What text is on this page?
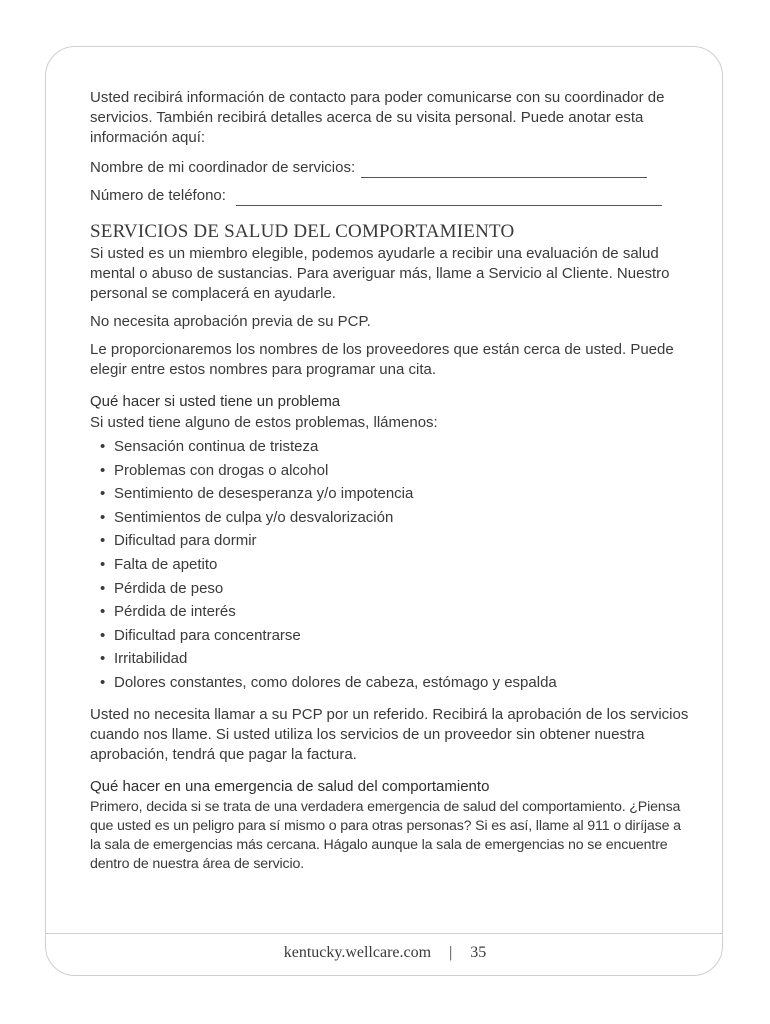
Usted recibirá información de contacto para poder comunicarse con su coordinador de servicios. También recibirá detalles acerca de su visita personal. Puede anotar esta información aquí:

Nombre de mi coordinador de servicios:
Número de teléfono:
SERVICIOS DE SALUD DEL COMPORTAMIENTO

Si usted es un miembro elegible, podemos ayudarle a recibir una evaluación de salud mental o abuso de sustancias. Para averiguar más, llame a Servicio al Cliente. Nuestro personal se complacerá en ayudarle.

No necesita aprobación previa de su PCP.

Le proporcionaremos los nombres de los proveedores que están cerca de usted. Puede elegir entre estos nombres para programar una cita.

Qué hacer si usted tiene un problema

Si usted tiene alguno de estos problemas, llámenos:

• Sensación continua de tristeza
• Problemas con drogas o alcohol
• Sentimiento de desesperanza y/o impotencia
• Sentimientos de culpa y/o desvalorización
• Dificultad para dormir
• Falta de apetito
• Pérdida de peso
• Pérdida de interés
• Dificultad para concentrarse
• Irritabilidad
• Dolores constantes, como dolores de cabeza, estómago y espalda

Usted no necesita llamar a su PCP por un referido. Recibirá la aprobación de los servicios cuando nos llame. Si usted utiliza los servicios de un proveedor sin obtener nuestra aprobación, tendrá que pagar la factura.

Qué hacer en una emergencia de salud del comportamiento

Primero, decida si se trata de una verdadera emergencia de salud del comportamiento. ¿Piensa que usted es un peligro para sí mismo o para otras personas? Si es así, llame al 911 o diríjase a la sala de emergencias más cercana. Hágalo aunque la sala de emergencias no se encuentre dentro de nuestra área de servicio.

kentucky.wellcare.com | 35
